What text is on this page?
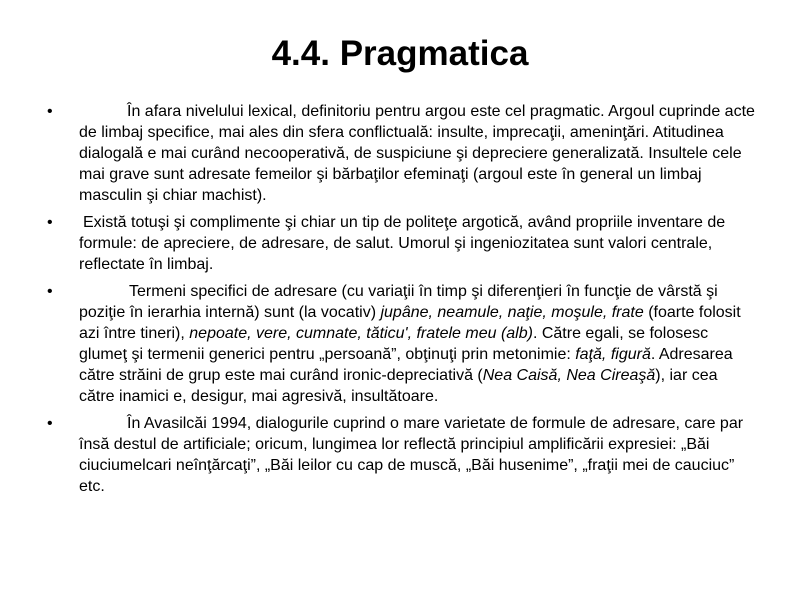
4.4. Pragmatica
•	În afara nivelului lexical, definitoriu pentru argou este cel pragmatic. Argoul cuprinde acte de limbaj specifice, mai ales din sfera conflictuală: insulte, imprecaţii, ameninţări. Atitudinea dialogală e mai curând necooperativă, de suspiciune şi depreciere generalizată. Insultele cele mai grave sunt adresate femeilor şi bărbaţilor efeminaţi (argoul este în general un limbaj masculin şi chiar machist).
• Există totuşi şi complimente şi chiar un tip de politeţe argotică, având propriile inventare de formule: de apreciere, de adresare, de salut. Umorul şi ingeniozitatea sunt valori centrale, reflectate în limbaj.
•	Termeni specifici de adresare (cu variaţii în timp şi diferenţieri în funcţie de vârstă şi poziţie în ierarhia internă) sunt (la vocativ) jupâne, neamule, naţie, moşule, frate (foarte folosit azi între tineri), nepoate, vere, cumnate, tăticu', fratele meu (alb). Către egali, se folosesc glumeţ şi termenii generici pentru „persoană”, obţinuţi prin metonimie: faţă, figură. Adresarea către străini de grup este mai curând ironic-depreciativă (Nea Caisă, Nea Cireaşă), iar cea către inamici e, desigur, mai agresivă, insultătoare.
•	În Avasilcăi 1994, dialogurile cuprind o mare varietate de formule de adresare, care par însă destul de artificiale; oricum, lungimea lor reflectă principiul amplificării expresiei: „Băi ciuciumelcari neînţărcaţi”, „Băi leilor cu cap de muscă, „Băi husenime”, „fraţii mei de cauciuc” etc.
